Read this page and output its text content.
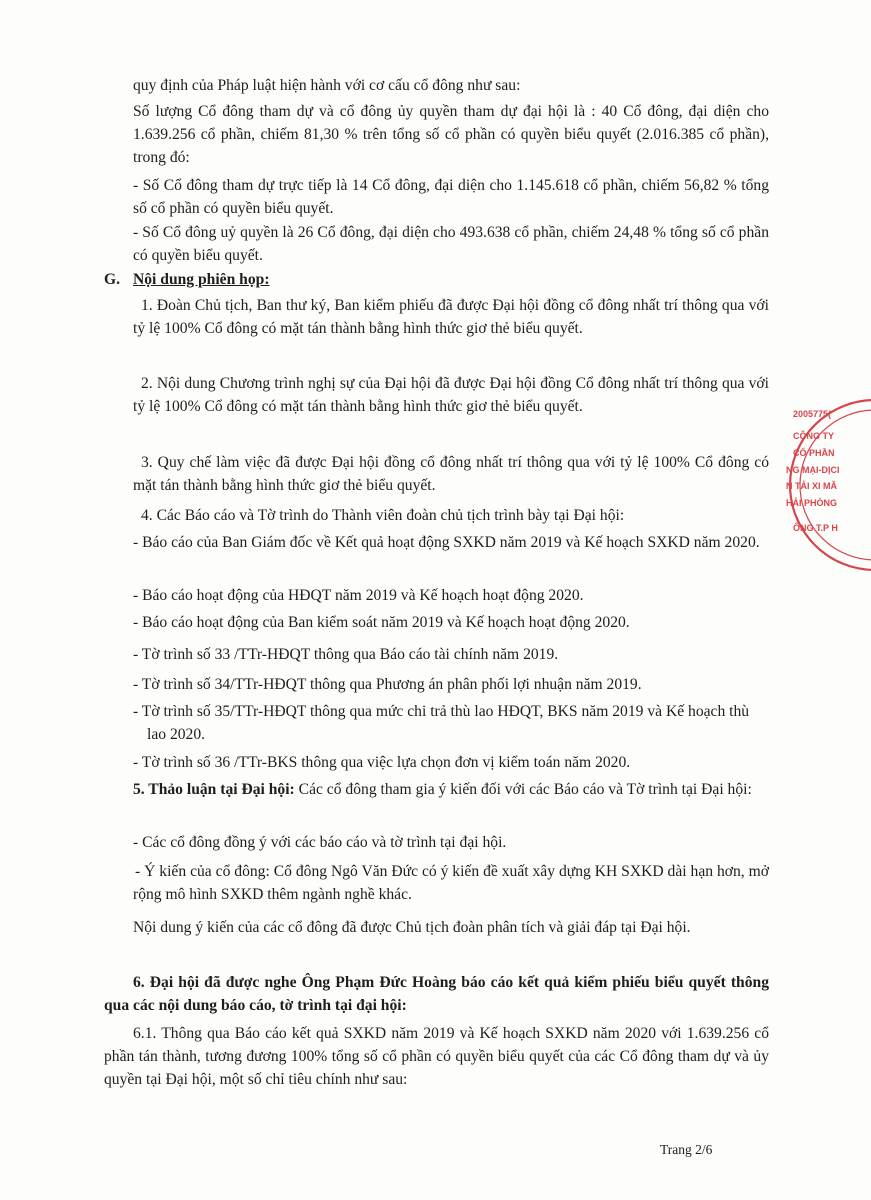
quy định của Pháp luật hiện hành với cơ cấu cổ đông như sau:

Số lượng Cổ đông tham dự và cổ đông ủy quyền tham dự đại hội là : 40 Cổ đông, đại diện cho 1.639.256 cổ phần, chiếm 81,30 % trên tổng số cổ phần có quyền biểu quyết (2.016.385 cổ phần), trong đó:

- Số Cổ đông tham dự trực tiếp là 14 Cổ đông, đại diện cho 1.145.618 cổ phần, chiếm 56,82 % tổng số cổ phần có quyền biểu quyết.

- Số Cổ đông uỷ quyền là 26 Cổ đông, đại diện cho 493.638 cổ phần, chiếm 24,48 % tổng số cổ phần có quyền biểu quyết.

G. Nội dung phiên họp:

1. Đoàn Chủ tịch, Ban thư ký, Ban kiểm phiếu đã được Đại hội đồng cổ đông nhất trí thông qua với tỷ lệ 100% Cổ đông có mặt tán thành bằng hình thức giơ thẻ biểu quyết.

2. Nội dung Chương trình nghị sự của Đại hội đã được Đại hội đồng Cổ đông nhất trí thông qua với tỷ lệ 100% Cổ đông có mặt tán thành bằng hình thức giơ thẻ biểu quyết.

3. Quy chế làm việc đã được Đại hội đồng cổ đông nhất trí thông qua với tỷ lệ 100% Cổ đông có mặt tán thành bằng hình thức giơ thẻ biểu quyết.

4. Các Báo cáo và Tờ trình do Thành viên đoàn chủ tịch trình bày tại Đại hội:

- Báo cáo của Ban Giám đốc về Kết quả hoạt động SXKD năm 2019 và Kế hoạch SXKD năm 2020.

- Báo cáo hoạt động của HĐQT năm 2019 và Kế hoạch hoạt động 2020.

- Báo cáo hoạt động của Ban kiểm soát năm 2019 và Kế hoạch hoạt động 2020.

- Tờ trình số 33 /TTr-HĐQT thông qua Báo cáo tài chính năm 2019.

- Tờ trình số 34/TTr-HĐQT thông qua Phương án phân phối lợi nhuận năm 2019.

- Tờ trình số 35/TTr-HĐQT thông qua mức chi trả thù lao HĐQT, BKS năm 2019 và Kế hoạch thù lao 2020.

- Tờ trình số 36 /TTr-BKS thông qua việc lựa chọn đơn vị kiểm toán năm 2020.

5. Thảo luận tại Đại hội: Các cổ đông tham gia ý kiến đối với các Báo cáo và Tờ trình tại Đại hội:

- Các cổ đông đồng ý với các báo cáo và tờ trình tại đại hội.

- Ý kiến của cổ đông: Cổ đông Ngô Văn Đức có ý kiến đề xuất xây dựng KH SXKD dài hạn hơn, mở rộng mô hình SXKD thêm ngành nghề khác.

Nội dung ý kiến của các cổ đông đã được Chủ tịch đoàn phân tích và giải đáp tại Đại hội.

6. Đại hội đã được nghe Ông Phạm Đức Hoàng báo cáo kết quả kiểm phiếu biểu quyết thông qua các nội dung báo cáo, tờ trình tại đại hội:

6.1. Thông qua Báo cáo kết quả SXKD năm 2019 và Kế hoạch SXKD năm 2020 với 1.639.256 cổ phần tán thành, tương đương 100% tổng số cổ phần có quyền biểu quyết của các Cổ đông tham dự và ủy quyền tại Đại hội, một số chỉ tiêu chính như sau:

2005775(
CÔNG TY
CỔ PHẦN
NG MẠI-DỊCI
N TẢI XI MĂ
HẢI PHÒNG
ÔNG T.P H
Trang 2/6
